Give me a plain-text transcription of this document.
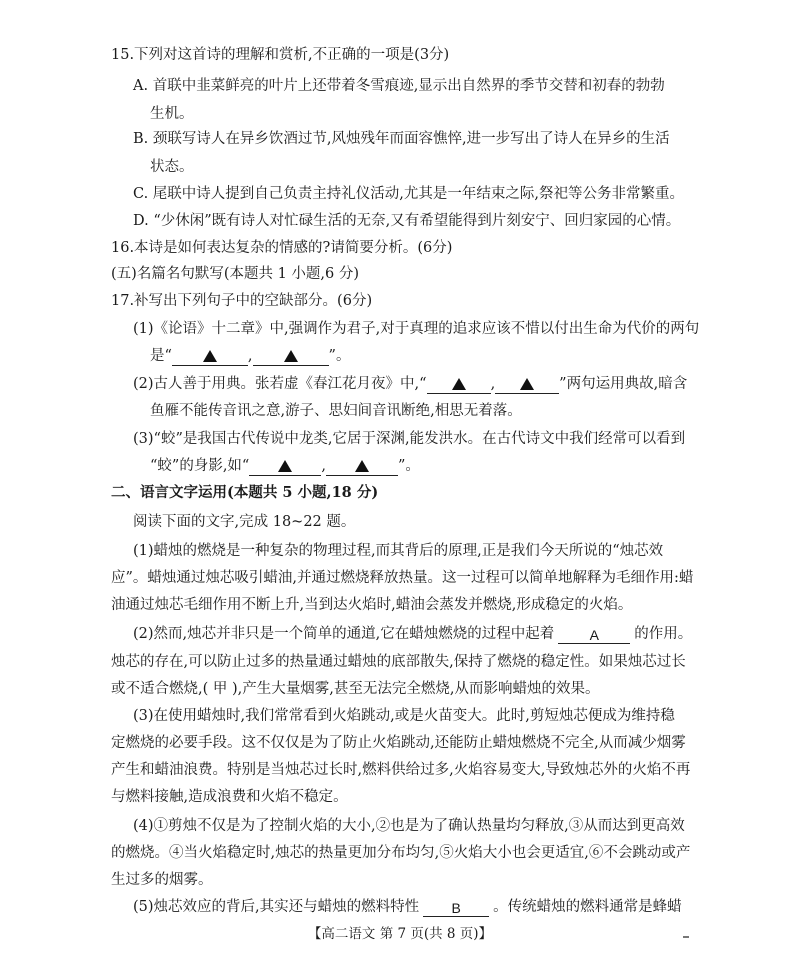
15.下列对这首诗的理解和赏析,不正确的一项是(3分)
A. 首联中韭菜鲜亮的叶片上还带着冬雪痕迹,显示出自然界的季节交替和初春的勃勃
生机。
B. 颈联写诗人在异乡饮酒过节,风烛残年而面容憔悴,进一步写出了诗人在异乡的生活
状态。
C. 尾联中诗人提到自己负责主持礼仪活动,尤其是一年结束之际,祭祀等公务非常繁重。
D. “少休闲”既有诗人对忙碌生活的无奈,又有希望能得到片刻安宁、回归家园的心情。
16.本诗是如何表达复杂的情感的?请简要分析。(6分)
(五)名篇名句默写(本题共 1 小题,6 分)
17.补写出下列句子中的空缺部分。(6分)
(1)《论语》十二章》中,强调作为君子,对于真理的追求应该不惜以付出生命为代价的两句
是“	,	”。
(2)古人善于用典。张若虚《春江花月夜》中,“	,	”两句运用典故,暗含
鱼雁不能传音讯之意,游子、思妇间音讯断绝,相思无着落。
(3)“蛟”是我国古代传说中龙类,它居于深渊,能发洪水。在古代诗文中我们经常可以看到
“蛟”的身影,如“	,	”。
二、语言文字运用(本题共 5 小题,18 分)
阅读下面的文字,完成 18~22 题。
(1)蜡烛的燃烧是一种复杂的物理过程,而其背后的原理,正是我们今天所说的“烛芯效
应”。蜡烛通过烛芯吸引蜡油,并通过燃烧释放热量。这一过程可以简单地解释为毛细作用:蜡
油通过烛芯毛细作用不断上升,当到达火焰时,蜡油会蒸发并燃烧,形成稳定的火焰。
(2)然而,烛芯并非只是一个简单的通道,它在蜡烛燃烧的过程中起着	A 的作用。
烛芯的存在,可以防止过多的热量通过蜡烛的底部散失,保持了燃烧的稳定性。如果烛芯过长
或不适合燃烧,( 甲 ),产生大量烟雾,甚至无法完全燃烧,从而影响蜡烛的效果。
(3)在使用蜡烛时,我们常常看到火焰跳动,或是火苗变大。此时,剪短烛芯便成为维持稳
定燃烧的必要手段。这不仅仅是为了防止火焰跳动,还能防止蜡烛燃烧不完全,从而减少烟雾
产生和蜡油浪费。特别是当烛芯过长时,燃料供给过多,火焰容易变大,导致烛芯外的火焰不再
与燃料接触,造成浪费和火焰不稳定。
(4)①剪烛不仅是为了控制火焰的大小,②也是为了确认热量均匀释放,③从而达到更高效
的燃烧。④当火焰稳定时,烛芯的热量更加分布均匀,⑤火焰大小也会更适宜,⑥不会跳动或产
生过多的烟雾。
(5)烛芯效应的背后,其实还与蜡烛的燃料特性 B 。传统蜡烛的燃料通常是蜂蜡
【高二语文 第 7 页(共 8 页)】
